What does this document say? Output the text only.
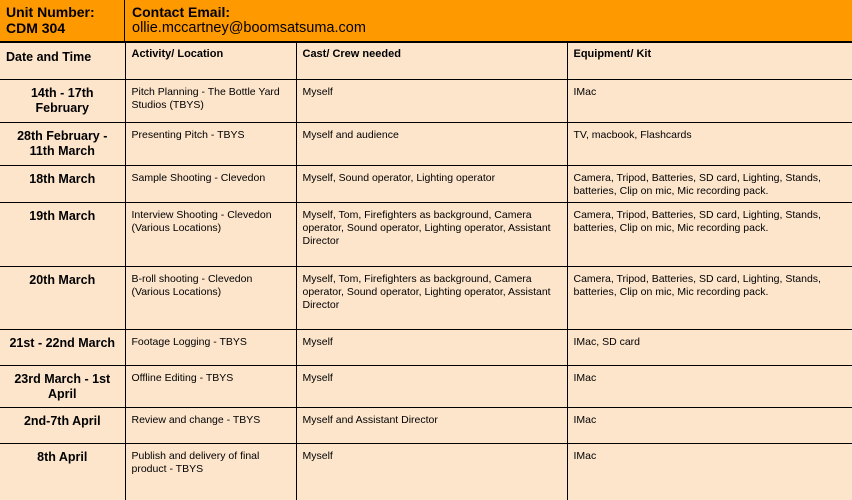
Unit Number:
CDM 304
Contact Email:
ollie.mccartney@boomsatsuma.com
Date and Time	Activity/ Location	Cast/ Crew needed	Equipment/ Kit
14th - 17th February	Pitch Planning - The Bottle Yard Studios (TBYS)	Myself	IMac
28th February - 11th March	Presenting Pitch - TBYS	Myself and audience	TV, macbook, Flashcards
18th March	Sample Shooting - Clevedon	Myself, Sound operator, Lighting operator	Camera, Tripod, Batteries, SD card, Lighting, Stands, batteries, Clip on mic, Mic recording pack.
19th March	Interview Shooting - Clevedon (Various Locations)	Myself, Tom, Firefighters as background, Camera operator, Sound operator, Lighting operator, Assistant Director	Camera, Tripod, Batteries, SD card, Lighting, Stands, batteries, Clip on mic, Mic recording pack.
20th March	B-roll shooting - Clevedon (Various Locations)	Myself, Tom, Firefighters as background, Camera operator, Sound operator, Lighting operator, Assistant Director	Camera, Tripod, Batteries, SD card, Lighting, Stands, batteries, Clip on mic, Mic recording pack.
21st - 22nd March	Footage Logging - TBYS	Myself	IMac, SD card
23rd March - 1st April	Offline Editing - TBYS	Myself	IMac
2nd-7th April	Review and change - TBYS	Myself and Assistant Director	IMac
8th April	Publish and delivery of final product - TBYS	Myself	IMac
